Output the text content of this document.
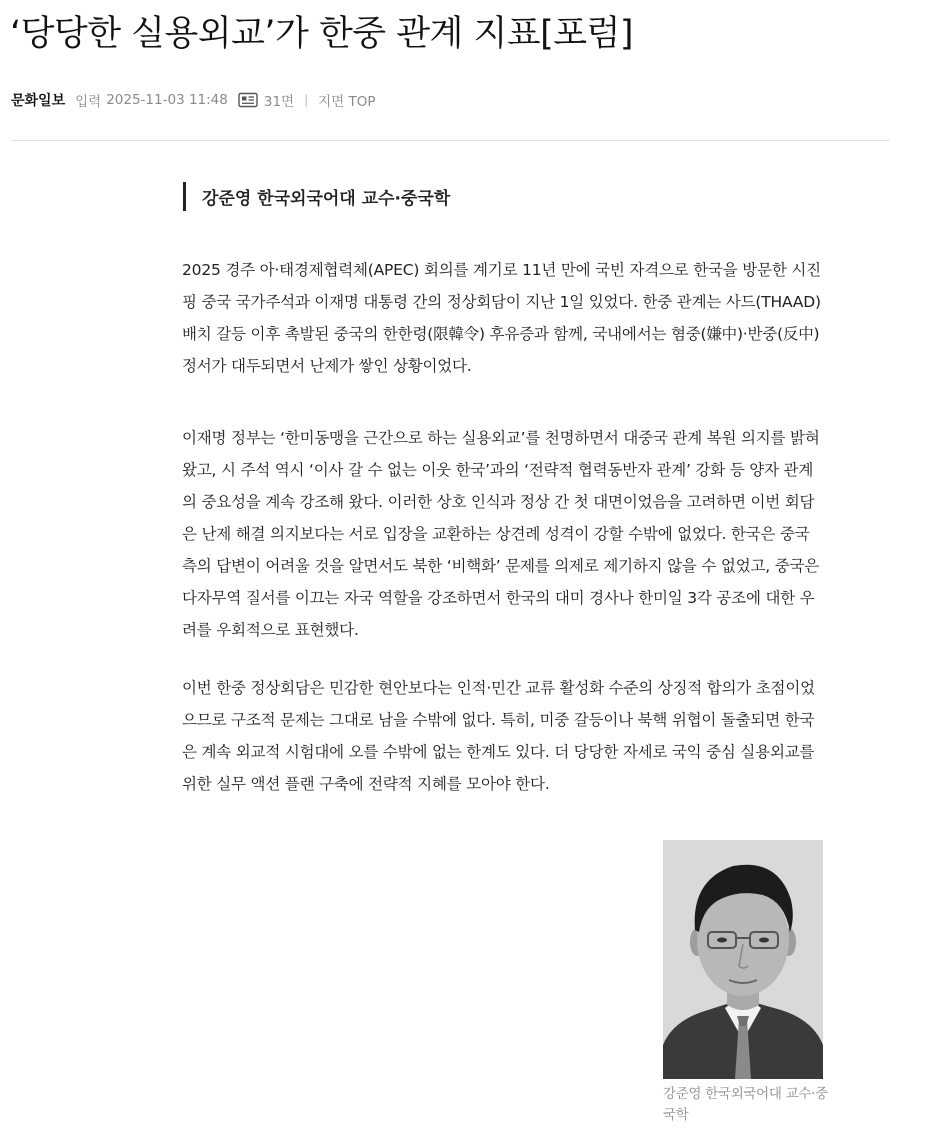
‘당당한 실용외교’가 한중 관계 지표[포럼]
문화일보 입력 2025-11-03 11:48	31면 | 지면 TOP
강준영 한국외국어대 교수·중국학

2025 경주 아·태경제협력체(APEC) 회의를 계기로 11년 만에 국빈 자격으로 한국을 방문한 시진핑 중국 국가주석과 이재명 대통령 간의 정상회담이 지난 1일 있었다. 한중 관계는 사드(THAAD) 배치 갈등 이후 촉발된 중국의 한한령(限韓令) 후유증과 함께, 국내에서는 혐중(嫌中)·반중(反中) 정서가 대두되면서 난제가 쌓인 상황이었다.

이재명 정부는 ‘한미동맹을 근간으로 하는 실용외교’를 천명하면서 대중국 관계 복원 의지를 밝혀 왔고, 시 주석 역시 ‘이사 갈 수 없는 이웃 한국’과의 ‘전략적 협력동반자 관계’ 강화 등 양자 관계의 중요성을 계속 강조해 왔다. 이러한 상호 인식과 정상 간 첫 대면이었음을 고려하면 이번 회담은 난제 해결 의지보다는 서로 입장을 교환하는 상견례 성격이 강할 수밖에 없었다. 한국은 중국 측의 답변이 어려울 것을 알면서도 북한 ‘비핵화’ 문제를 의제로 제기하지 않을 수 없었고, 중국은 다자무역 질서를 이끄는 자국 역할을 강조하면서 한국의 대미 경사나 한미일 3각 공조에 대한 우려를 우회적으로 표현했다.

이번 한중 정상회담은 민감한 현안보다는 인적·민간 교류 활성화 수준의 상징적 합의가 초점이었으므로 구조적 문제는 그대로 남을 수밖에 없다. 특히, 미중 갈등이나 북핵 위협이 돌출되면 한국은 계속 외교적 시험대에 오를 수밖에 없는 한계도 있다. 더 당당한 자세로 국익 중심 실용외교를 위한 실무 액션 플랜 구축에 전략적 지혜를 모아야 한다.

강준영 한국외국어대 교수·중국학
